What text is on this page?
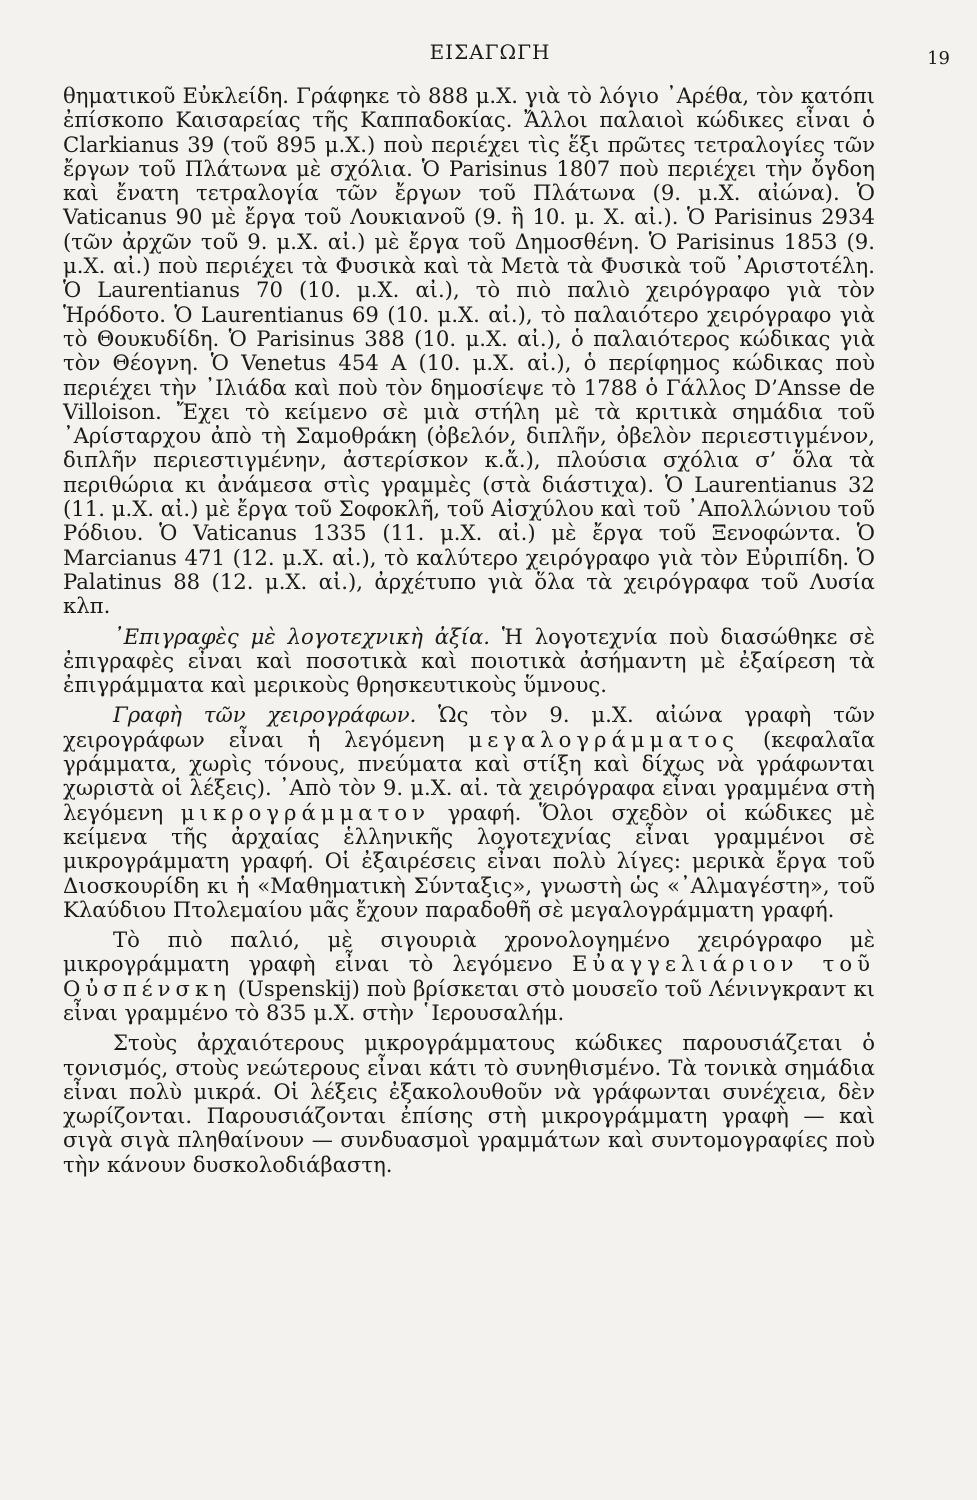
ΕΙΣΑΓΩΓΗ	19

θηματικοῦ Εὐκλείδη. Γράφηκε τὸ 888 μ.Χ. γιὰ τὸ λόγιο ᾿Αρέθα, τὸν κατόπι ἐπίσκοπο Καισαρείας τῆς Καππαδοκίας. Ἄλλοι παλαιοὶ κώδικες εἶναι ὁ Clarkianus 39 (τοῦ 895 μ.Χ.) ποὺ περιέχει τὶς ἕξι πρῶτες τετραλογίες τῶν ἔργων τοῦ Πλάτωνα μὲ σχόλια. Ὁ Parisinus 1807 ποὺ περιέχει τὴν ὄγδοη καὶ ἔνατη τετραλογία τῶν ἔργων τοῦ Πλάτωνα (9. μ.Χ. αἰώνα). Ὁ Vaticanus 90 μὲ ἔργα τοῦ Λουκιανοῦ (9. ἢ 10. μ. Χ. αἰ.). Ὁ Parisinus 2934 (τῶν ἀρχῶν τοῦ 9. μ.Χ. αἰ.) μὲ ἔργα τοῦ Δημοσθένη. Ὁ Parisinus 1853 (9. μ.Χ. αἰ.) ποὺ περιέχει τὰ Φυσικὰ καὶ τὰ Μετὰ τὰ Φυσικὰ τοῦ ᾿Αριστοτέλη. Ὁ Laurentianus 70 (10. μ.Χ. αἰ.), τὸ πιὸ παλιὸ χειρόγραφο γιὰ τὸν Ἡρόδοτο. Ὁ Laurentianus 69 (10. μ.Χ. αἰ.), τὸ παλαιότερο χειρόγραφο γιὰ τὸ Θουκυδίδη. Ὁ Parisinus 388 (10. μ.Χ. αἰ.), ὁ παλαιότερος κώδικας γιὰ τὸν Θέογνη. Ὁ Venetus 454 A (10. μ.Χ. αἰ.), ὁ περίφημος κώδικας ποὺ περιέχει τὴν ᾿Ιλιάδα καὶ ποὺ τὸν δημοσίεψε τὸ 1788 ὁ Γάλλος D’Ansse de Villoison. Ἔχει τὸ κείμενο σὲ μιὰ στήλη μὲ τὰ κριτικὰ σημάδια τοῦ ᾿Αρίσταρχου ἀπὸ τὴ Σαμοθράκη (ὀβελόν, διπλῆν, ὀβελὸν περιεστιγμένον, διπλῆν περιεστιγμένην, ἀστερίσκον κ.ἄ.), πλούσια σχόλια σ’ ὅλα τὰ περιθώρια κι ἀνάμεσα στὶς γραμμὲς (στὰ διάστιχα). Ὁ Laurentianus 32 (11. μ.Χ. αἰ.) μὲ ἔργα τοῦ Σοφοκλῆ, τοῦ Αἰσχύλου καὶ τοῦ ᾿Απολλώνιου τοῦ Ρόδιου. Ὁ Vaticanus 1335 (11. μ.Χ. αἰ.) μὲ ἔργα τοῦ Ξενοφώντα. Ὁ Marcianus 471 (12. μ.Χ. αἰ.), τὸ καλύτερο χειρόγραφο γιὰ τὸν Εὐριπίδη. Ὁ Palatinus 88 (12. μ.Χ. αἰ.), ἀρχέτυπο γιὰ ὅλα τὰ χειρόγραφα τοῦ Λυσία κλπ.

᾿Επιγραφὲς μὲ λογοτεχνικὴ ἀξία. Ἡ λογοτεχνία ποὺ διασώθηκε σὲ ἐπιγραφὲς εἶναι καὶ ποσοτικὰ καὶ ποιοτικὰ ἀσήμαντη μὲ ἐξαίρεση τὰ ἐπιγράμματα καὶ μερικοὺς θρησκευτικοὺς ὕμνους.

Γραφὴ τῶν χειρογράφων. Ὡς τὸν 9. μ.Χ. αἰώνα γραφὴ τῶν χειρογράφων εἶναι ἡ λεγόμενη μεγαλογράμματος (κεφαλαῖα γράμματα, χωρὶς τόνους, πνεύματα καὶ στίξη καὶ δίχως νὰ γράφωνται χωριστὰ οἱ λέξεις). ᾿Απὸ τὸν 9. μ.Χ. αἰ. τὰ χειρόγραφα εἶναι γραμμένα στὴ λεγόμενη μικρογράμματον γραφή. Ὅλοι σχεδὸν οἱ κώδικες μὲ κείμενα τῆς ἀρχαίας ἑλληνικῆς λογοτεχνίας εἶναι γραμμένοι σὲ μικρογράμματη γραφή. Οἱ ἐξαιρέσεις εἶναι πολὺ λίγες: μερικὰ ἔργα τοῦ Διοσκουρίδη κι ἡ «Μαθηματικὴ Σύνταξις», γνωστὴ ὡς «᾿Αλμαγέστη», τοῦ Κλαύδιου Πτολεμαίου μᾶς ἔχουν παραδοθῆ σὲ μεγαλογράμματη γραφή.

Τὸ πιὸ παλιό, μὲ σιγουριὰ χρονολογημένο χειρόγραφο μὲ μικρογράμματη γραφὴ εἶναι τὸ λεγόμενο Εὐαγγελιάριον τοῦ Οὐσπένσκη (Uspenskij) ποὺ βρίσκεται στὸ μουσεῖο τοῦ Λένινγκραντ κι εἶναι γραμμένο τὸ 835 μ.Χ. στὴν ῾Ιερουσαλήμ.

Στοὺς ἀρχαιότερους μικρογράμματους κώδικες παρουσιάζεται ὁ τονισμός, στοὺς νεώτερους εἶναι κάτι τὸ συνηθισμένο. Τὰ τονικὰ σημάδια εἶναι πολὺ μικρά. Οἱ λέξεις ἐξακολουθοῦν νὰ γράφωνται συνέχεια, δὲν χωρίζονται. Παρουσιάζονται ἐπίσης στὴ μικρογράμματη γραφὴ — καὶ σιγὰ σιγὰ πληθαίνουν — συνδυασμοὶ γραμμάτων καὶ συντομογραφίες ποὺ τὴν κάνουν δυσκολοδιάβαστη.
